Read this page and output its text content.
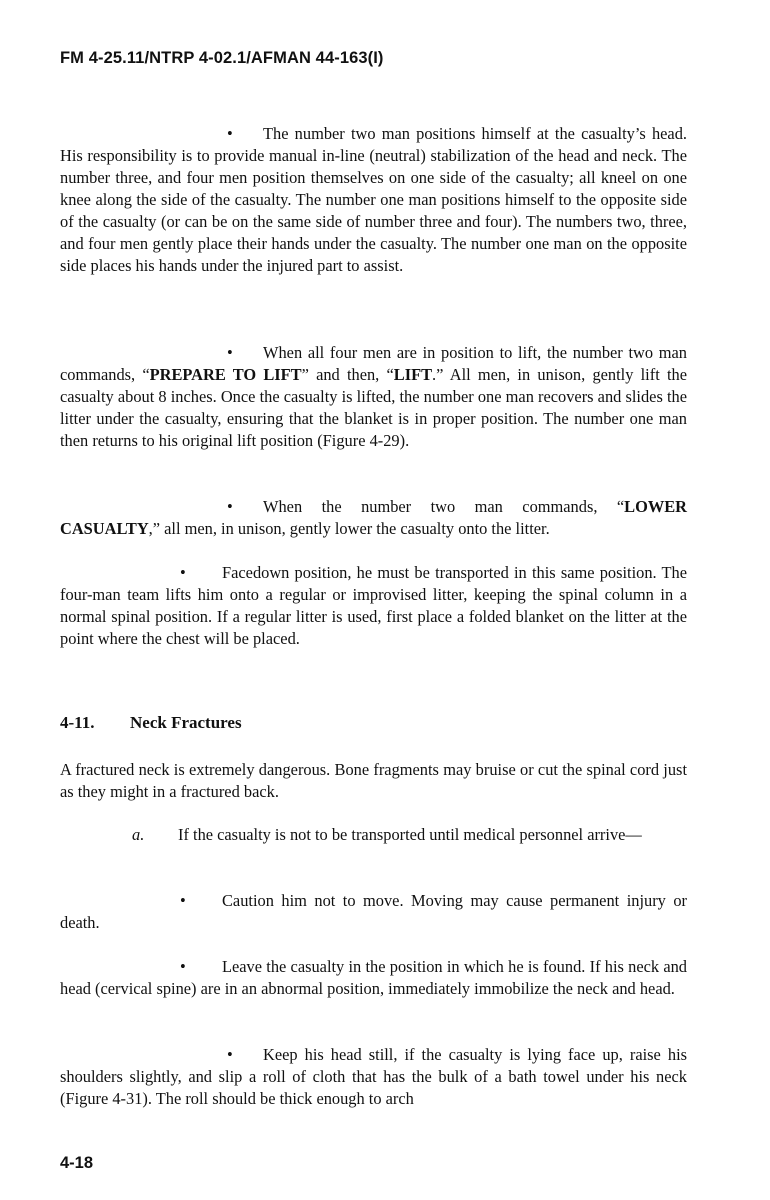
FM 4-25.11/NTRP 4-02.1/AFMAN 44-163(I)

• The number two man positions himself at the casualty’s head. His responsibility is to provide manual in-line (neutral) stabilization of the head and neck. The number three, and four men position themselves on one side of the casualty; all kneel on one knee along the side of the casualty. The number one man positions himself to the opposite side of the casualty (or can be on the same side of number three and four). The numbers two, three, and four men gently place their hands under the casualty. The number one man on the opposite side places his hands under the injured part to assist.

• When all four men are in position to lift, the number two man commands, “PREPARE TO LIFT” and then, “LIFT.” All men, in unison, gently lift the casualty about 8 inches. Once the casualty is lifted, the number one man recovers and slides the litter under the casualty, ensuring that the blanket is in proper position. The number one man then returns to his original lift position (Figure 4-29).

• When the number two man commands, “LOWER CASUALTY,” all men, in unison, gently lower the casualty onto the litter.

• Facedown position, he must be transported in this same position. The four-man team lifts him onto a regular or improvised litter, keeping the spinal column in a normal spinal position. If a regular litter is used, first place a folded blanket on the litter at the point where the chest will be placed.

4-11. Neck Fractures

A fractured neck is extremely dangerous. Bone fragments may bruise or cut the spinal cord just as they might in a fractured back.

a. If the casualty is not to be transported until medical personnel arrive—

• Caution him not to move. Moving may cause permanent injury or death.

• Leave the casualty in the position in which he is found. If his neck and head (cervical spine) are in an abnormal position, immediately immobilize the neck and head.

• Keep his head still, if the casualty is lying face up, raise his shoulders slightly, and slip a roll of cloth that has the bulk of a bath towel under his neck (Figure 4-31). The roll should be thick enough to arch

4-18
